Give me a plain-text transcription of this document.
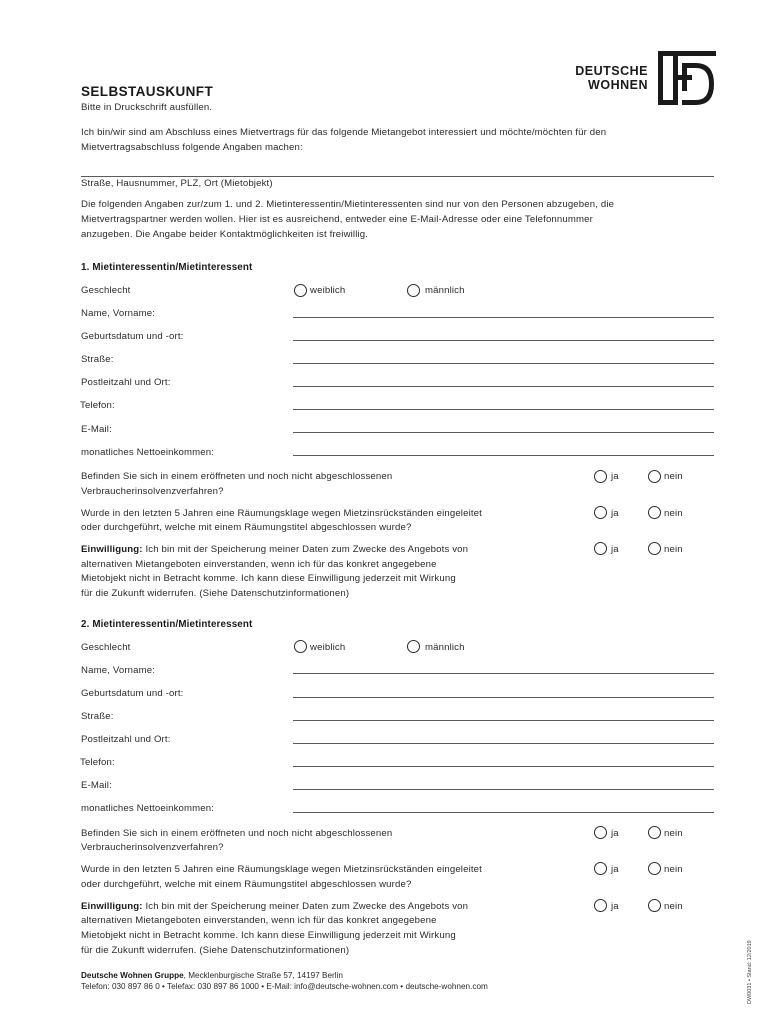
DEUTSCHE
WOHNEN
SELBSTAUSKUNFT
Bitte in Druckschrift ausfüllen.
Ich bin/wir sind am Abschluss eines Mietvertrags für das folgende Mietangebot interessiert und möchte/möchten für den
Mietvertragsabschluss folgende Angaben machen:
Straße, Hausnummer, PLZ, Ort (Mietobjekt)
Die folgenden Angaben zur/zum 1. und 2. Mietinteressentin/Mietinteressenten sind nur von den Personen abzugeben, die
Mietvertragspartner werden wollen. Hier ist es ausreichend, entweder eine E-Mail-Adresse oder eine Telefonnummer
anzugeben. Die Angabe beider Kontaktmöglichkeiten ist freiwillig.
1. Mietinteressentin/Mietinteressent
Geschlecht	weiblich	männlich
Name, Vorname:
Geburtsdatum und -ort:
Straße:
Postleitzahl und Ort:
Telefon:
E-Mail:
monatliches Nettoeinkommen:
Befinden Sie sich in einem eröffneten und noch nicht abgeschlossenen
Verbraucherinsolvenzverfahren?
ja	nein
Wurde in den letzten 5 Jahren eine Räumungsklage wegen Mietzinsrückständen eingeleitet
oder durchgeführt, welche mit einem Räumungstitel abgeschlossen wurde?
ja	nein
Einwilligung: Ich bin mit der Speicherung meiner Daten zum Zwecke des Angebots von
alternativen Mietangeboten einverstanden, wenn ich für das konkret angegebene
Mietobjekt nicht in Betracht komme. Ich kann diese Einwilligung jederzeit mit Wirkung
für die Zukunft widerrufen. (Siehe Datenschutzinformationen)
ja	nein
2. Mietinteressentin/Mietinteressent
Geschlecht	weiblich	männlich
Name, Vorname:
Geburtsdatum und -ort:
Straße:
Postleitzahl und Ort:
Telefon:
E-Mail:
monatliches Nettoeinkommen:
Befinden Sie sich in einem eröffneten und noch nicht abgeschlossenen
Verbraucherinsolvenzverfahren?
ja	nein
Wurde in den letzten 5 Jahren eine Räumungsklage wegen Mietzinsrückständen eingeleitet
oder durchgeführt, welche mit einem Räumungstitel abgeschlossen wurde?
ja	nein
Einwilligung: Ich bin mit der Speicherung meiner Daten zum Zwecke des Angebots von
alternativen Mietangeboten einverstanden, wenn ich für das konkret angegebene
Mietobjekt nicht in Betracht komme. Ich kann diese Einwilligung jederzeit mit Wirkung
für die Zukunft widerrufen. (Siehe Datenschutzinformationen)
ja	nein
Deutsche Wohnen Gruppe, Mecklenburgische Straße 57, 14197 Berlin
Telefon: 030 897 86 0 • Telefax: 030 897 86 1000 • E-Mail: info@deutsche-wohnen.com • deutsche-wohnen.com	DW0031 • Stand: 12/2019
